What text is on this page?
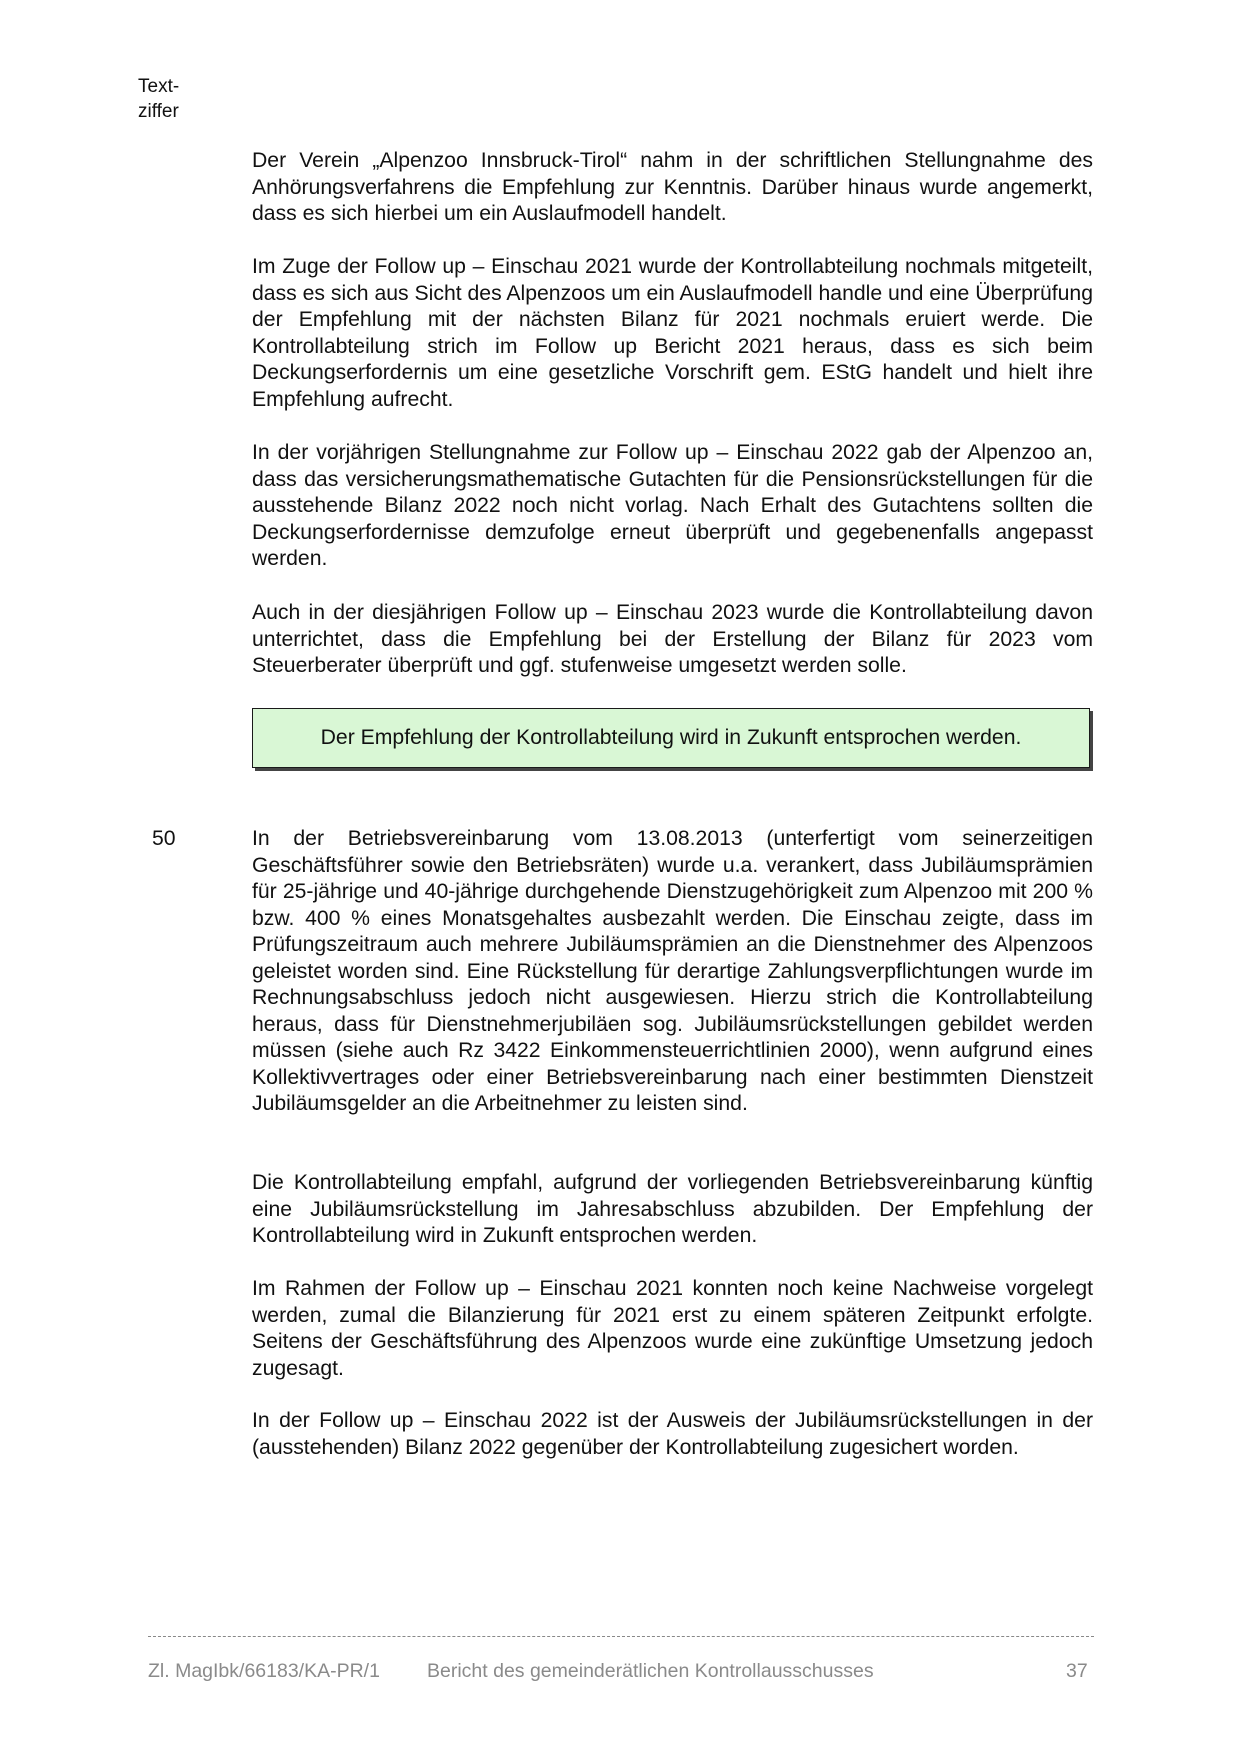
Text-
ziffer

Der Verein „Alpenzoo Innsbruck-Tirol“ nahm in der schriftlichen Stellungnahme des Anhörungsverfahrens die Empfehlung zur Kenntnis. Darüber hinaus wurde angemerkt, dass es sich hierbei um ein Auslaufmodell handelt.

Im Zuge der Follow up – Einschau 2021 wurde der Kontrollabteilung nochmals mitgeteilt, dass es sich aus Sicht des Alpenzoos um ein Auslaufmodell handle und eine Überprüfung der Empfehlung mit der nächsten Bilanz für 2021 nochmals eruiert werde. Die Kontrollabteilung strich im Follow up Bericht 2021 heraus, dass es sich beim Deckungserfordernis um eine gesetzliche Vorschrift gem. EStG handelt und hielt ihre Empfehlung aufrecht.

In der vorjährigen Stellungnahme zur Follow up – Einschau 2022 gab der Alpenzoo an, dass das versicherungsmathematische Gutachten für die Pensionsrückstellungen für die ausstehende Bilanz 2022 noch nicht vorlag. Nach Erhalt des Gutachtens sollten die Deckungserfordernisse demzufolge erneut überprüft und gegebenenfalls angepasst werden.

Auch in der diesjährigen Follow up – Einschau 2023 wurde die Kontrollabteilung davon unterrichtet, dass die Empfehlung bei der Erstellung der Bilanz für 2023 vom Steuerberater überprüft und ggf. stufenweise umgesetzt werden solle.

Der Empfehlung der Kontrollabteilung wird in Zukunft entsprochen werden.
50	In der Betriebsvereinbarung vom 13.08.2013 (unterfertigt vom seinerzeitigen Geschäftsführer sowie den Betriebsräten) wurde u.a. verankert, dass Jubiläumsprämien für 25-jährige und 40-jährige durchgehende Dienstzugehörigkeit zum Alpenzoo mit 200 % bzw. 400 % eines Monatsgehaltes ausbezahlt werden. Die Einschau zeigte, dass im Prüfungszeitraum auch mehrere Jubiläumsprämien an die Dienstnehmer des Alpenzoos geleistet worden sind. Eine Rückstellung für derartige Zahlungsverpflichtungen wurde im Rechnungsabschluss jedoch nicht ausgewiesen. Hierzu strich die Kontrollabteilung heraus, dass für Dienstnehmerjubiläen sog. Jubiläumsrückstellungen gebildet werden müssen (siehe auch Rz 3422 Einkommensteuerrichtlinien 2000), wenn aufgrund eines Kollektivvertrages oder einer Betriebsvereinbarung nach einer bestimmten Dienstzeit Jubiläumsgelder an die Arbeitnehmer zu leisten sind.

Die Kontrollabteilung empfahl, aufgrund der vorliegenden Betriebsvereinbarung künftig eine Jubiläumsrückstellung im Jahresabschluss abzubilden. Der Empfehlung der Kontrollabteilung wird in Zukunft entsprochen werden.

Im Rahmen der Follow up – Einschau 2021 konnten noch keine Nachweise vorgelegt werden, zumal die Bilanzierung für 2021 erst zu einem späteren Zeitpunkt erfolgte. Seitens der Geschäftsführung des Alpenzoos wurde eine zukünftige Umsetzung jedoch zugesagt.

In der Follow up – Einschau 2022 ist der Ausweis der Jubiläumsrückstellungen in der (ausstehenden) Bilanz 2022 gegenüber der Kontrollabteilung zugesichert worden.

Zl. MagIbk/66183/KA-PR/1 Bericht des gemeinderätlichen Kontrollausschusses	37
